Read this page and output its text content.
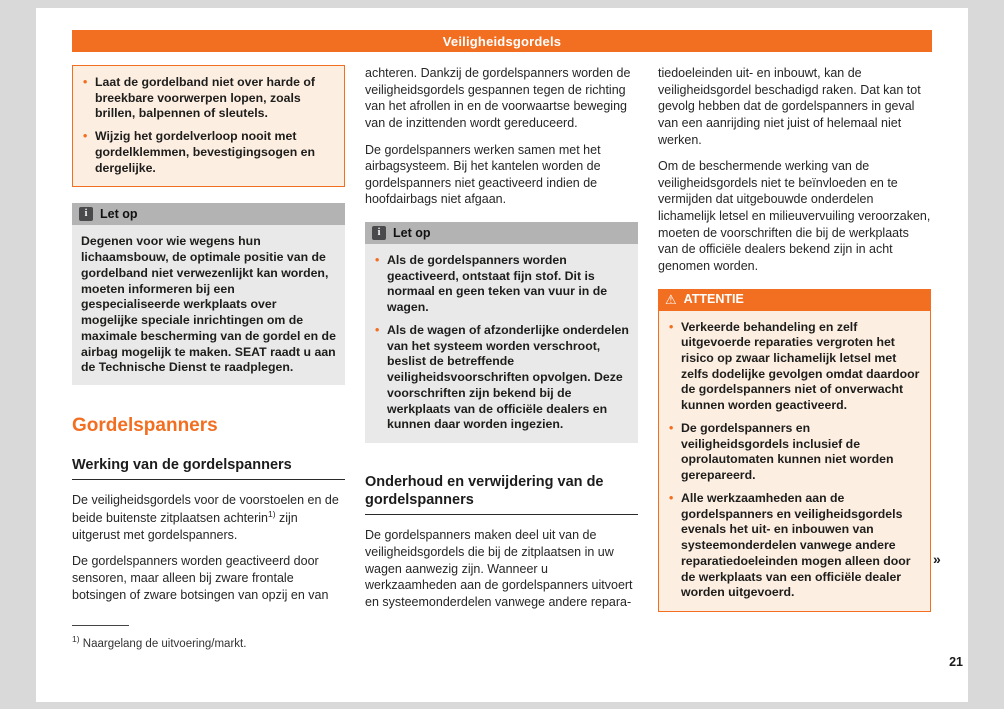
Veiligheidsgordels
• Laat de gordelband niet over harde of breekbare voorwerpen lopen, zoals brillen, balpennen of sleutels.
• Wijzig het gordelverloop nooit met gordelklemmen, bevestigingsogen en dergelijke.
i	Let op

Degenen voor wie wegens hun lichaamsbouw, de optimale positie van de gordelband niet verwezenlijkt kan worden, moeten informeren bij een gespecialiseerde werkplaats over mogelijke speciale inrichtingen om de maximale bescherming van de gordel en de airbag mogelijk te maken. SEAT raadt u aan de Technische Dienst te raadplegen.

Gordelspanners
Werking van de gordelspanners

De veiligheidsgordels voor de voorstoelen en de beide buitenste zitplaatsen achterin$^{1)}$ zijn uitgerust met gordelspanners.

De gordelspanners worden geactiveerd door sensoren, maar alleen bij zware frontale botsingen of zware botsingen van opzij en van

achteren. Dankzij de gordelspanners worden de veiligheidsgordels gespannen tegen de richting van het afrollen in en de voorwaartse beweging van de inzittenden wordt gereduceerd.

De gordelspanners werken samen met het airbagsysteem. Bij het kantelen worden de gordelspanners niet geactiveerd indien de hoofdairbags niet afgaan.

i	Let op
• Als de gordelspanners worden geactiveerd, ontstaat fijn stof. Dit is normaal en geen teken van vuur in de wagen.
• Als de wagen of afzonderlijke onderdelen van het systeem worden verschroot, beslist de betreffende veiligheidsvoorschriften opvolgen. Deze voorschriften zijn bekend bij de werkplaats van de officiële dealers en kunnen daar worden ingezien.
Onderhoud en verwijdering van de gordelspanners

De gordelspanners maken deel uit van de veiligheidsgordels die bij de zitplaatsen in uw wagen aanwezig zijn. Wanneer u werkzaamheden aan de gordelspanners uitvoert en systeemonderdelen vanwege andere repara-

tiedoeleinden uit- en inbouwt, kan de veiligheidsgordel beschadigd raken. Dat kan tot gevolg hebben dat de gordelspanners in geval van een aanrijding niet juist of helemaal niet werken.

Om de beschermende werking van de veiligheidsgordels niet te beïnvloeden en te vermijden dat uitgebouwde onderdelen lichamelijk letsel en milieuvervuiling veroorzaken, moeten de voorschriften die bij de werkplaats van de officiële dealers bekend zijn in acht genomen worden.

⚠ ATTENTIE
• Verkeerde behandeling en zelf uitgevoerde reparaties vergroten het risico op zwaar lichamelijk letsel met zelfs dodelijke gevolgen omdat daardoor de gordelspanners niet of onverwacht kunnen worden geactiveerd.
• De gordelspanners en veiligheidsgordels inclusief de oprolautomaten kunnen niet worden gerepareerd.
• Alle werkzaamheden aan de gordelspanners en veiligheidsgordels evenals het uit- en inbouwen van systeemonderdelen vanwege andere reparatiedoeleinden mogen alleen door de werkplaats van een officiële dealer worden uitgevoerd.
$^{1)}$ Naargelang de uitvoering/markt.
»
21
